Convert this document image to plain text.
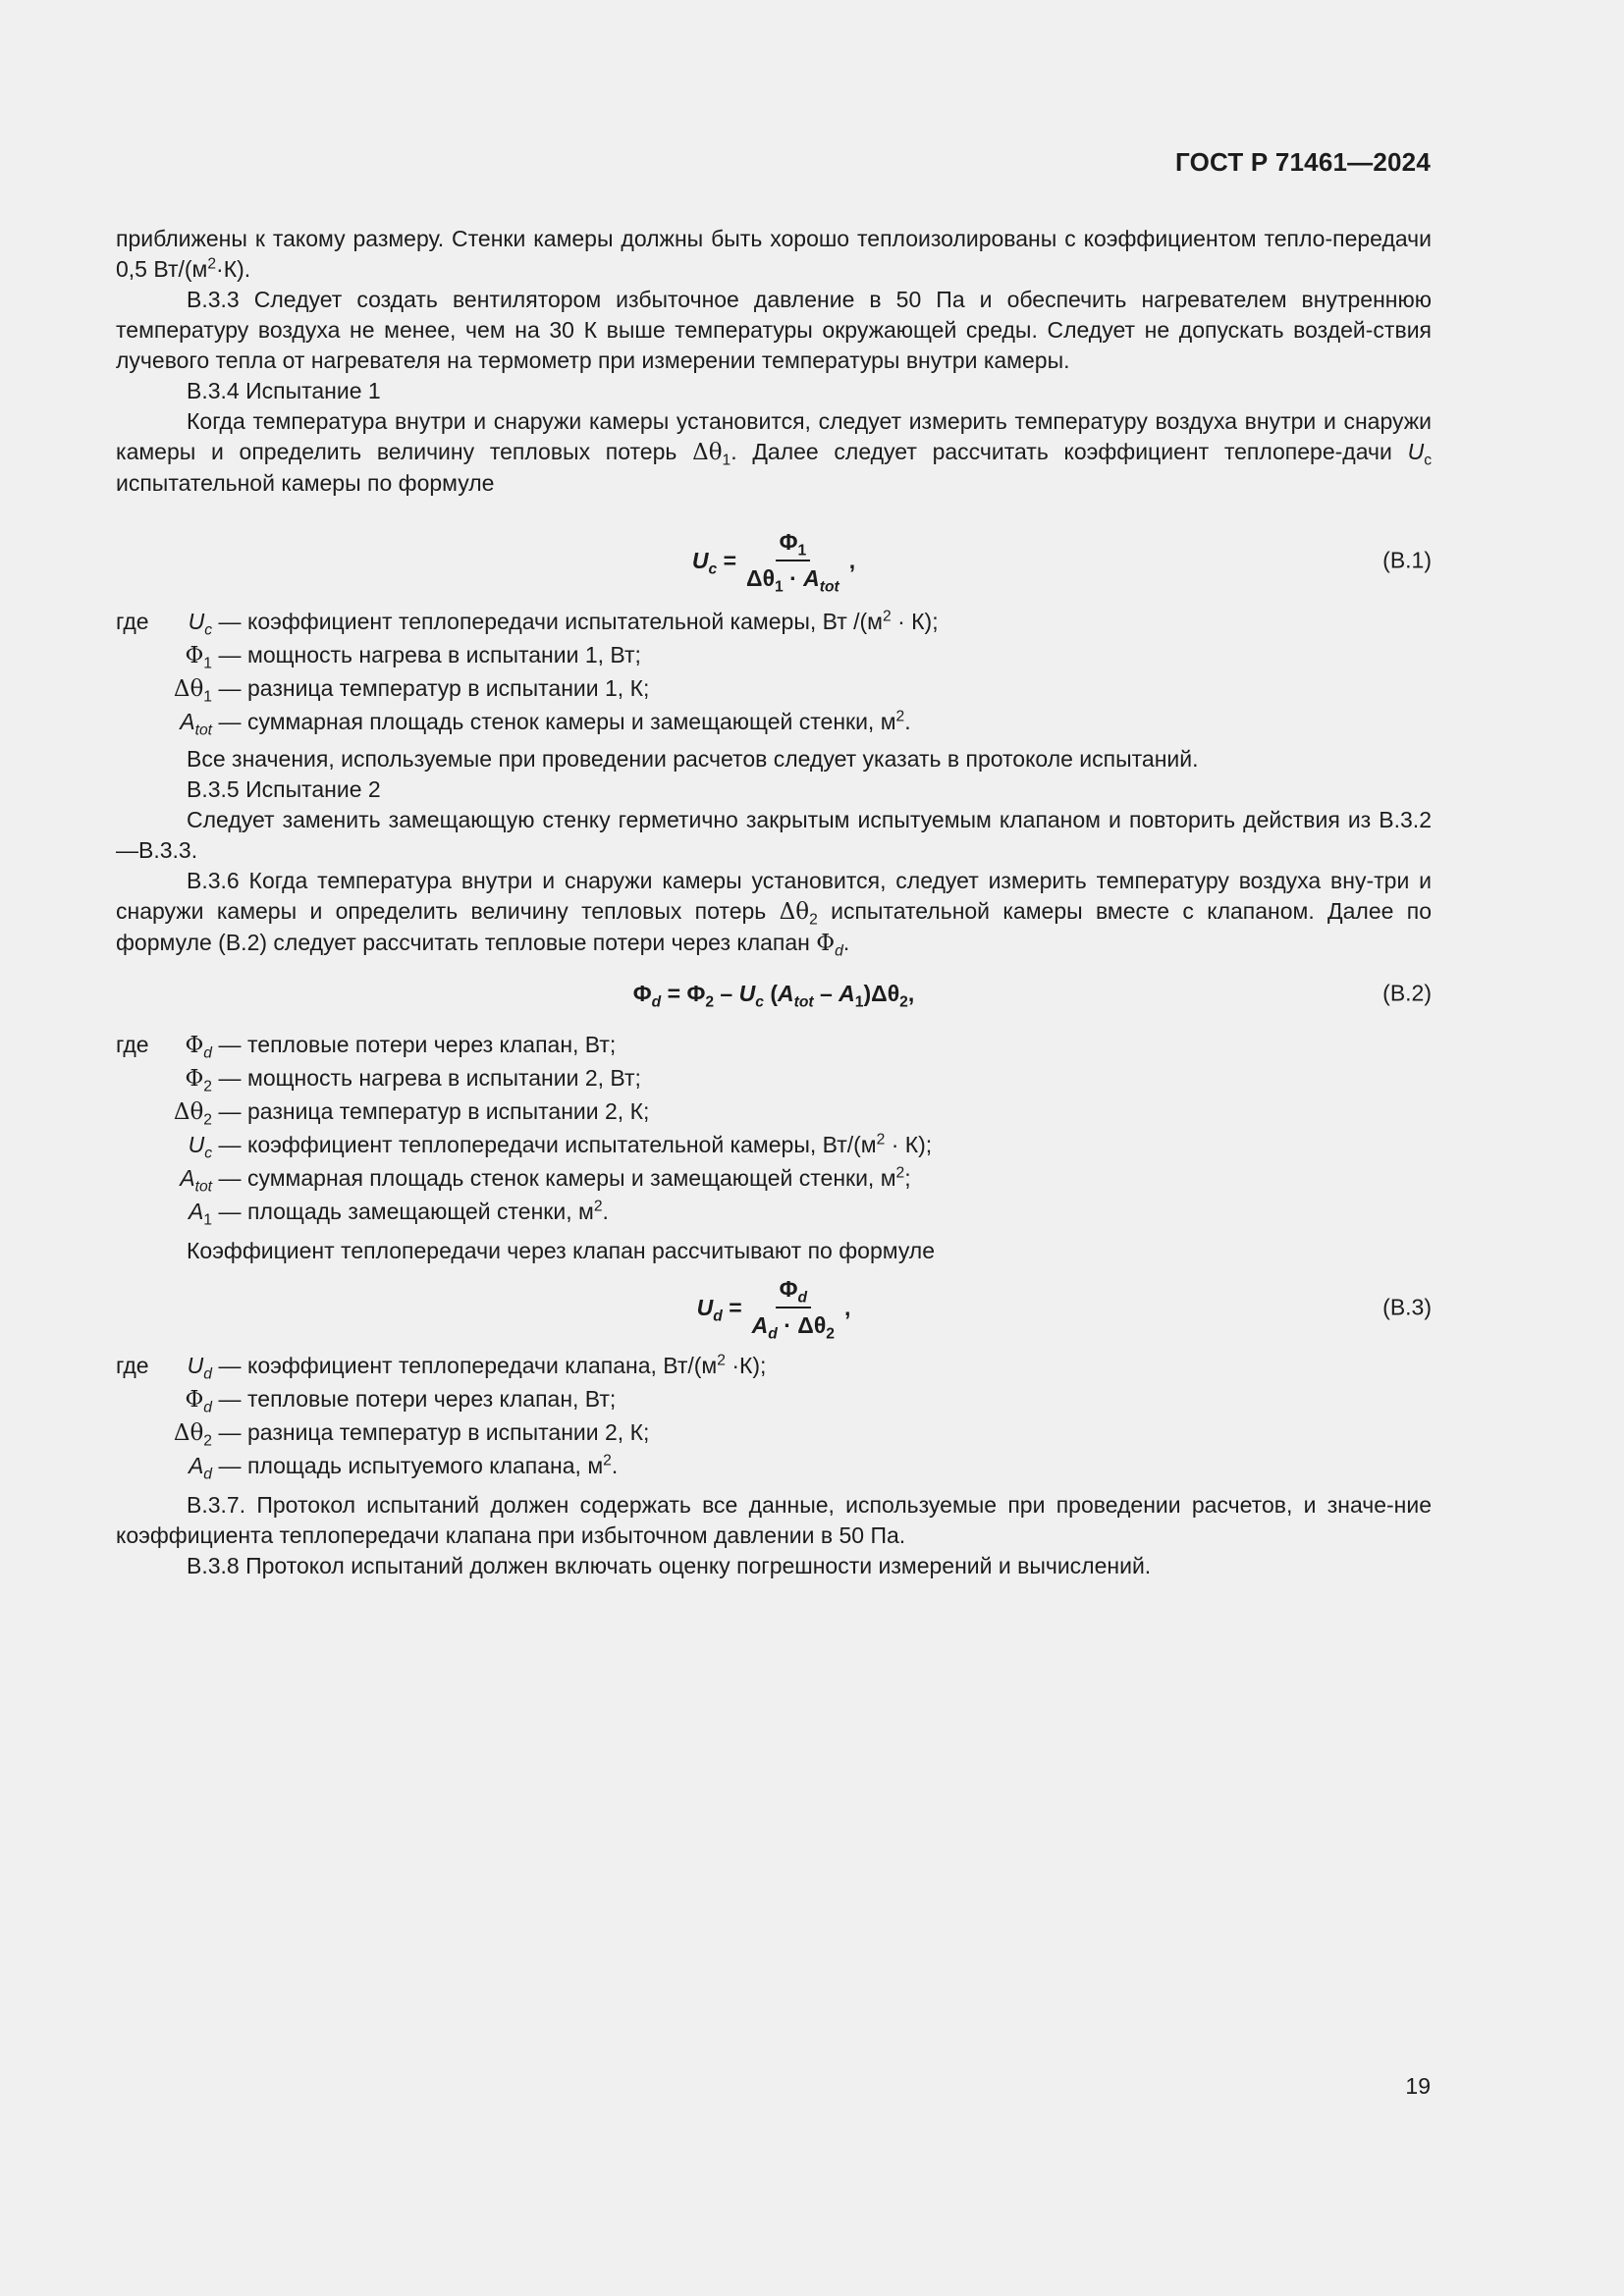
ГОСТ Р 71461—2024

приближены к такому размеру. Стенки камеры должны быть хорошо теплоизолированы с коэффициентом тепло-передачи 0,5 $Вт/(м^2\cdot К)$.

В.3.3 Следует создать вентилятором избыточное давление в 50 Па и обеспечить нагревателем внутреннюю температуру воздуха не менее, чем на 30 К выше температуры окружающей среды. Следует не допускать воздей-ствия лучевого тепла от нагревателя на термометр при измерении температуры внутри камеры.

В.3.4 Испытание 1

Когда температура внутри и снаружи камеры установится, следует измерить температуру воздуха внутри и снаружи камеры и определить величину тепловых потерь $\Delta\theta_1$. Далее следует рассчитать коэффициент теплопере-дачи $U_c$ испытательной камеры по формуле

$U_c = \frac{\Phi_1}{\Delta\theta_1 \cdot A_{tot}}$ ,	(В.1)
где	$U_c$ — коэффициент теплопередачи испытательной камеры, Вт $/(м^2 \cdot К)$;
$\Phi_1$ — мощность нагрева в испытании 1, Вт;
$\Delta\theta_1$ — разница температур в испытании 1, К;
$A_{tot}$ — суммарная площадь стенок камеры и замещающей стенки, $м^2$.

Все значения, используемые при проведении расчетов следует указать в протоколе испытаний.

В.3.5 Испытание 2

Следует заменить замещающую стенку герметично закрытым испытуемым клапаном и повторить действия из В.3.2—В.3.3.

В.3.6 Когда температура внутри и снаружи камеры установится, следует измерить температуру воздуха вну-три и снаружи камеры и определить величину тепловых потерь $\Delta\theta_2$ испытательной камеры вместе с клапаном. Далее по формуле (В.2) следует рассчитать тепловые потери через клапан $\Phi_d$.

$\Phi_d = \Phi_2 - U_c$ $(A_{tot} - A_1)\Delta\theta_2$,	(В.2)
где	$\Phi_d$ — тепловые потери через клапан, Вт;
$\Phi_2$ — мощность нагрева в испытании 2, Вт;
$\Delta\theta_2$ — разница температур в испытании 2, К;
$U_c$ — коэффициент теплопередачи испытательной камеры, $Вт/(м^2 \cdot К)$;
$A_{tot}$ — суммарная площадь стенок камеры и замещающей стенки, $м^2$;
$A_1$ — площадь замещающей стенки, $м^2$.

Коэффициент теплопередачи через клапан рассчитывают по формуле

$U_d = \frac{\Phi_d}{A_d \cdot \Delta\theta_2}$ ,	(В.3)
где	$U_d$ — коэффициент теплопередачи клапана, $Вт/(м^2 \cdot К)$;
$\Phi_d$ — тепловые потери через клапан, Вт;
$\Delta\theta_2$ — разница температур в испытании 2, К;
$A_d$ — площадь испытуемого клапана, $м^2$.

В.3.7. Протокол испытаний должен содержать все данные, используемые при проведении расчетов, и значе-ние коэффициента теплопередачи клапана при избыточном давлении в 50 Па.

В.3.8 Протокол испытаний должен включать оценку погрешности измерений и вычислений.

19
